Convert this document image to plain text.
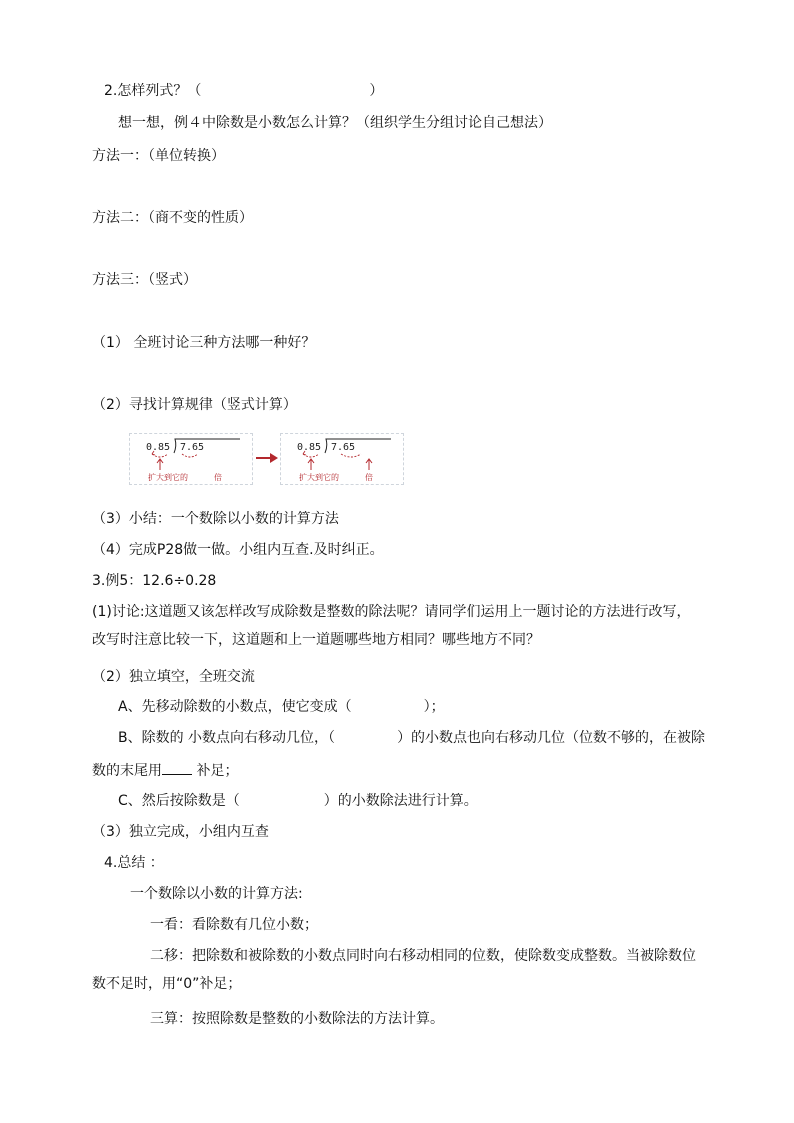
2.怎样列式？（	）
想一想，例４中除数是小数怎么计算？（组织学生分组讨论自己想法）
方法一：（单位转换）
方法二：（商不变的性质）
方法三：（竖式）
（1） 全班讨论三种方法哪一种好？
（2）寻找计算规律（竖式计算）
0.85 7.65
扩大到它的	倍
0.85 7.65
扩大到它的	倍
（3）小结：一个数除以小数的计算方法
（4）完成P28做一做。小组内互查.及时纠正。
3.例5：12.6÷0.28
(1)讨论:这道题又该怎样改写成除数是整数的除法呢？请同学们运用上一题讨论的方法进行改写，改写时注意比较一下，这道题和上一道题哪些地方相同？哪些地方不同？
（2）独立填空，全班交流
A、先移动除数的小数点，使它变成（	）；
B、除数的 小数点向右移动几位，（	）的小数点也向右移动几位（位数不够的，在被除
数的末尾用 补足；
C、然后按除数是（	）的小数除法进行计算。
（3）独立完成，小组内互查
4.总结 ：
一个数除以小数的计算方法:
一看：看除数有几位小数；
二移：把除数和被除数的小数点同时向右移动相同的位数，使除数变成整数。当被除数位数不足时，用“0”补足；
三算：按照除数是整数的小数除法的方法计算。
